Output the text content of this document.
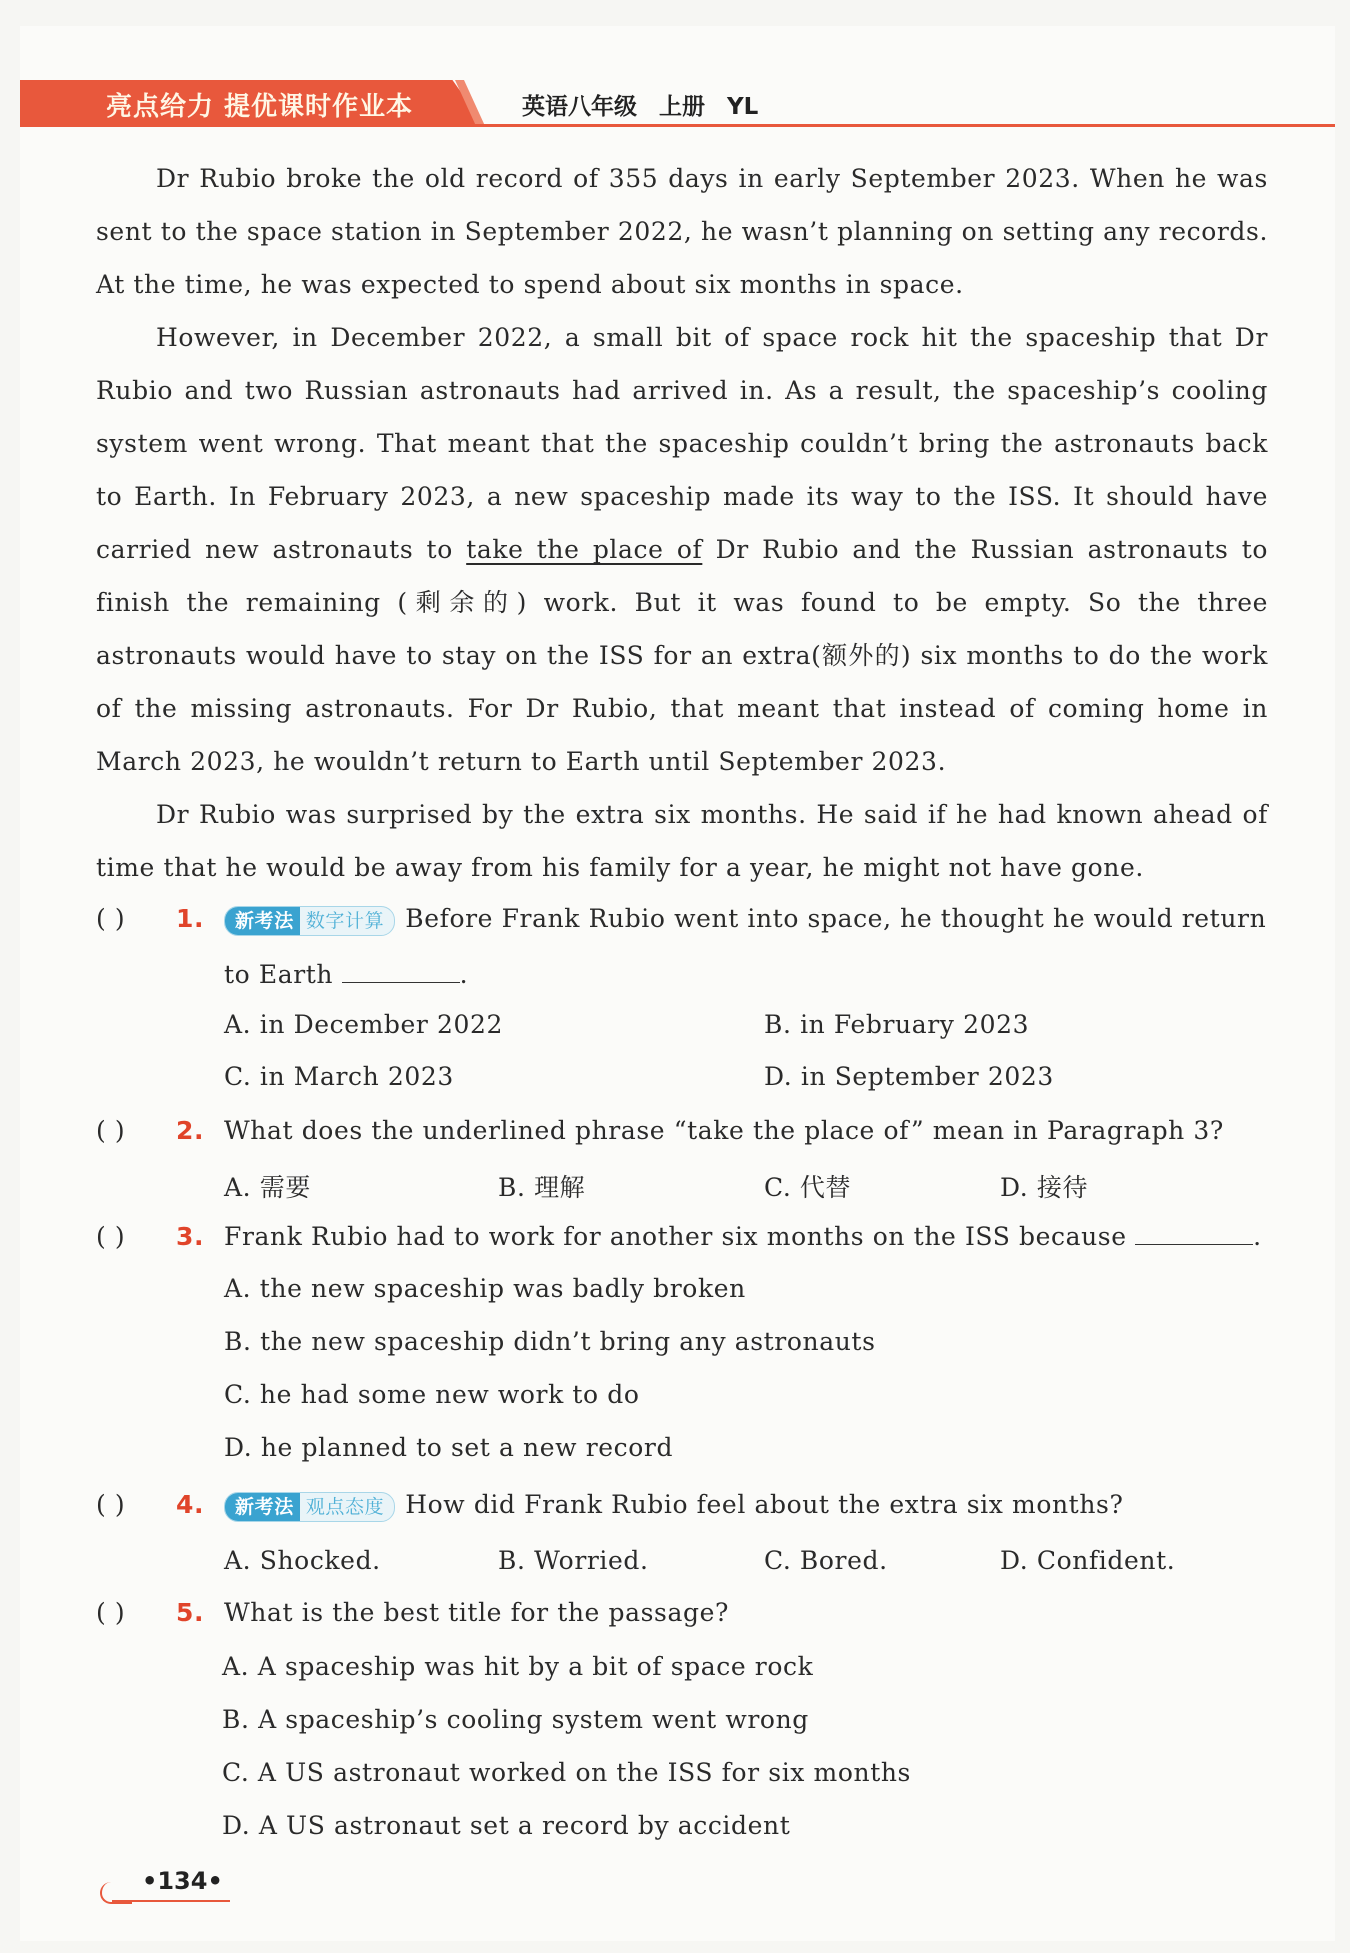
亮点给力 提优课时作业本	英语八年级 上册 YL

Dr Rubio broke the old record of 355 days in early September 2023. When he was sent to the space station in September 2022, he wasn’t planning on setting any records. At the time, he was expected to spend about six months in space.

However, in December 2022, a small bit of space rock hit the spaceship that Dr Rubio and two Russian astronauts had arrived in. As a result, the spaceship’s cooling system went wrong. That meant that the spaceship couldn’t bring the astronauts back to Earth. In February 2023, a new spaceship made its way to the ISS. It should have carried new astronauts to take the place of Dr Rubio and the Russian astronauts to finish the remaining (剩余的) work. But it was found to be empty. So the three astronauts would have to stay on the ISS for an extra(额外的) six months to do the work of the missing astronauts. For Dr Rubio, that meant that instead of coming home in March 2023, he wouldn’t return to Earth until September 2023.

Dr Rubio was surprised by the extra six months. He said if he had known ahead of time that he would be away from his family for a year, he might not have gone.

( ) 1.	新考法 数字计算 Before Frank Rubio went into space, he thought he would return
to Earth	.
A. in December 2022	B. in February 2023
C. in March 2023	D. in September 2023
( ) 2. What does the underlined phrase “take the place of” mean in Paragraph 3?
A. 需要	B. 理解	C. 代替	D. 接待
( ) 3. Frank Rubio had to work for another six months on the ISS because	.
A. the new spaceship was badly broken
B. the new spaceship didn’t bring any astronauts
C. he had some new work to do
D. he planned to set a new record
( ) 4.	新考法 观点态度 How did Frank Rubio feel about the extra six months?
A. Shocked.	B. Worried.	C. Bored.	D. Confident.
( ) 5. What is the best title for the passage?
A. A spaceship was hit by a bit of space rock
B. A spaceship’s cooling system went wrong
C. A US astronaut worked on the ISS for six months
D. A US astronaut set a record by accident
•134•
